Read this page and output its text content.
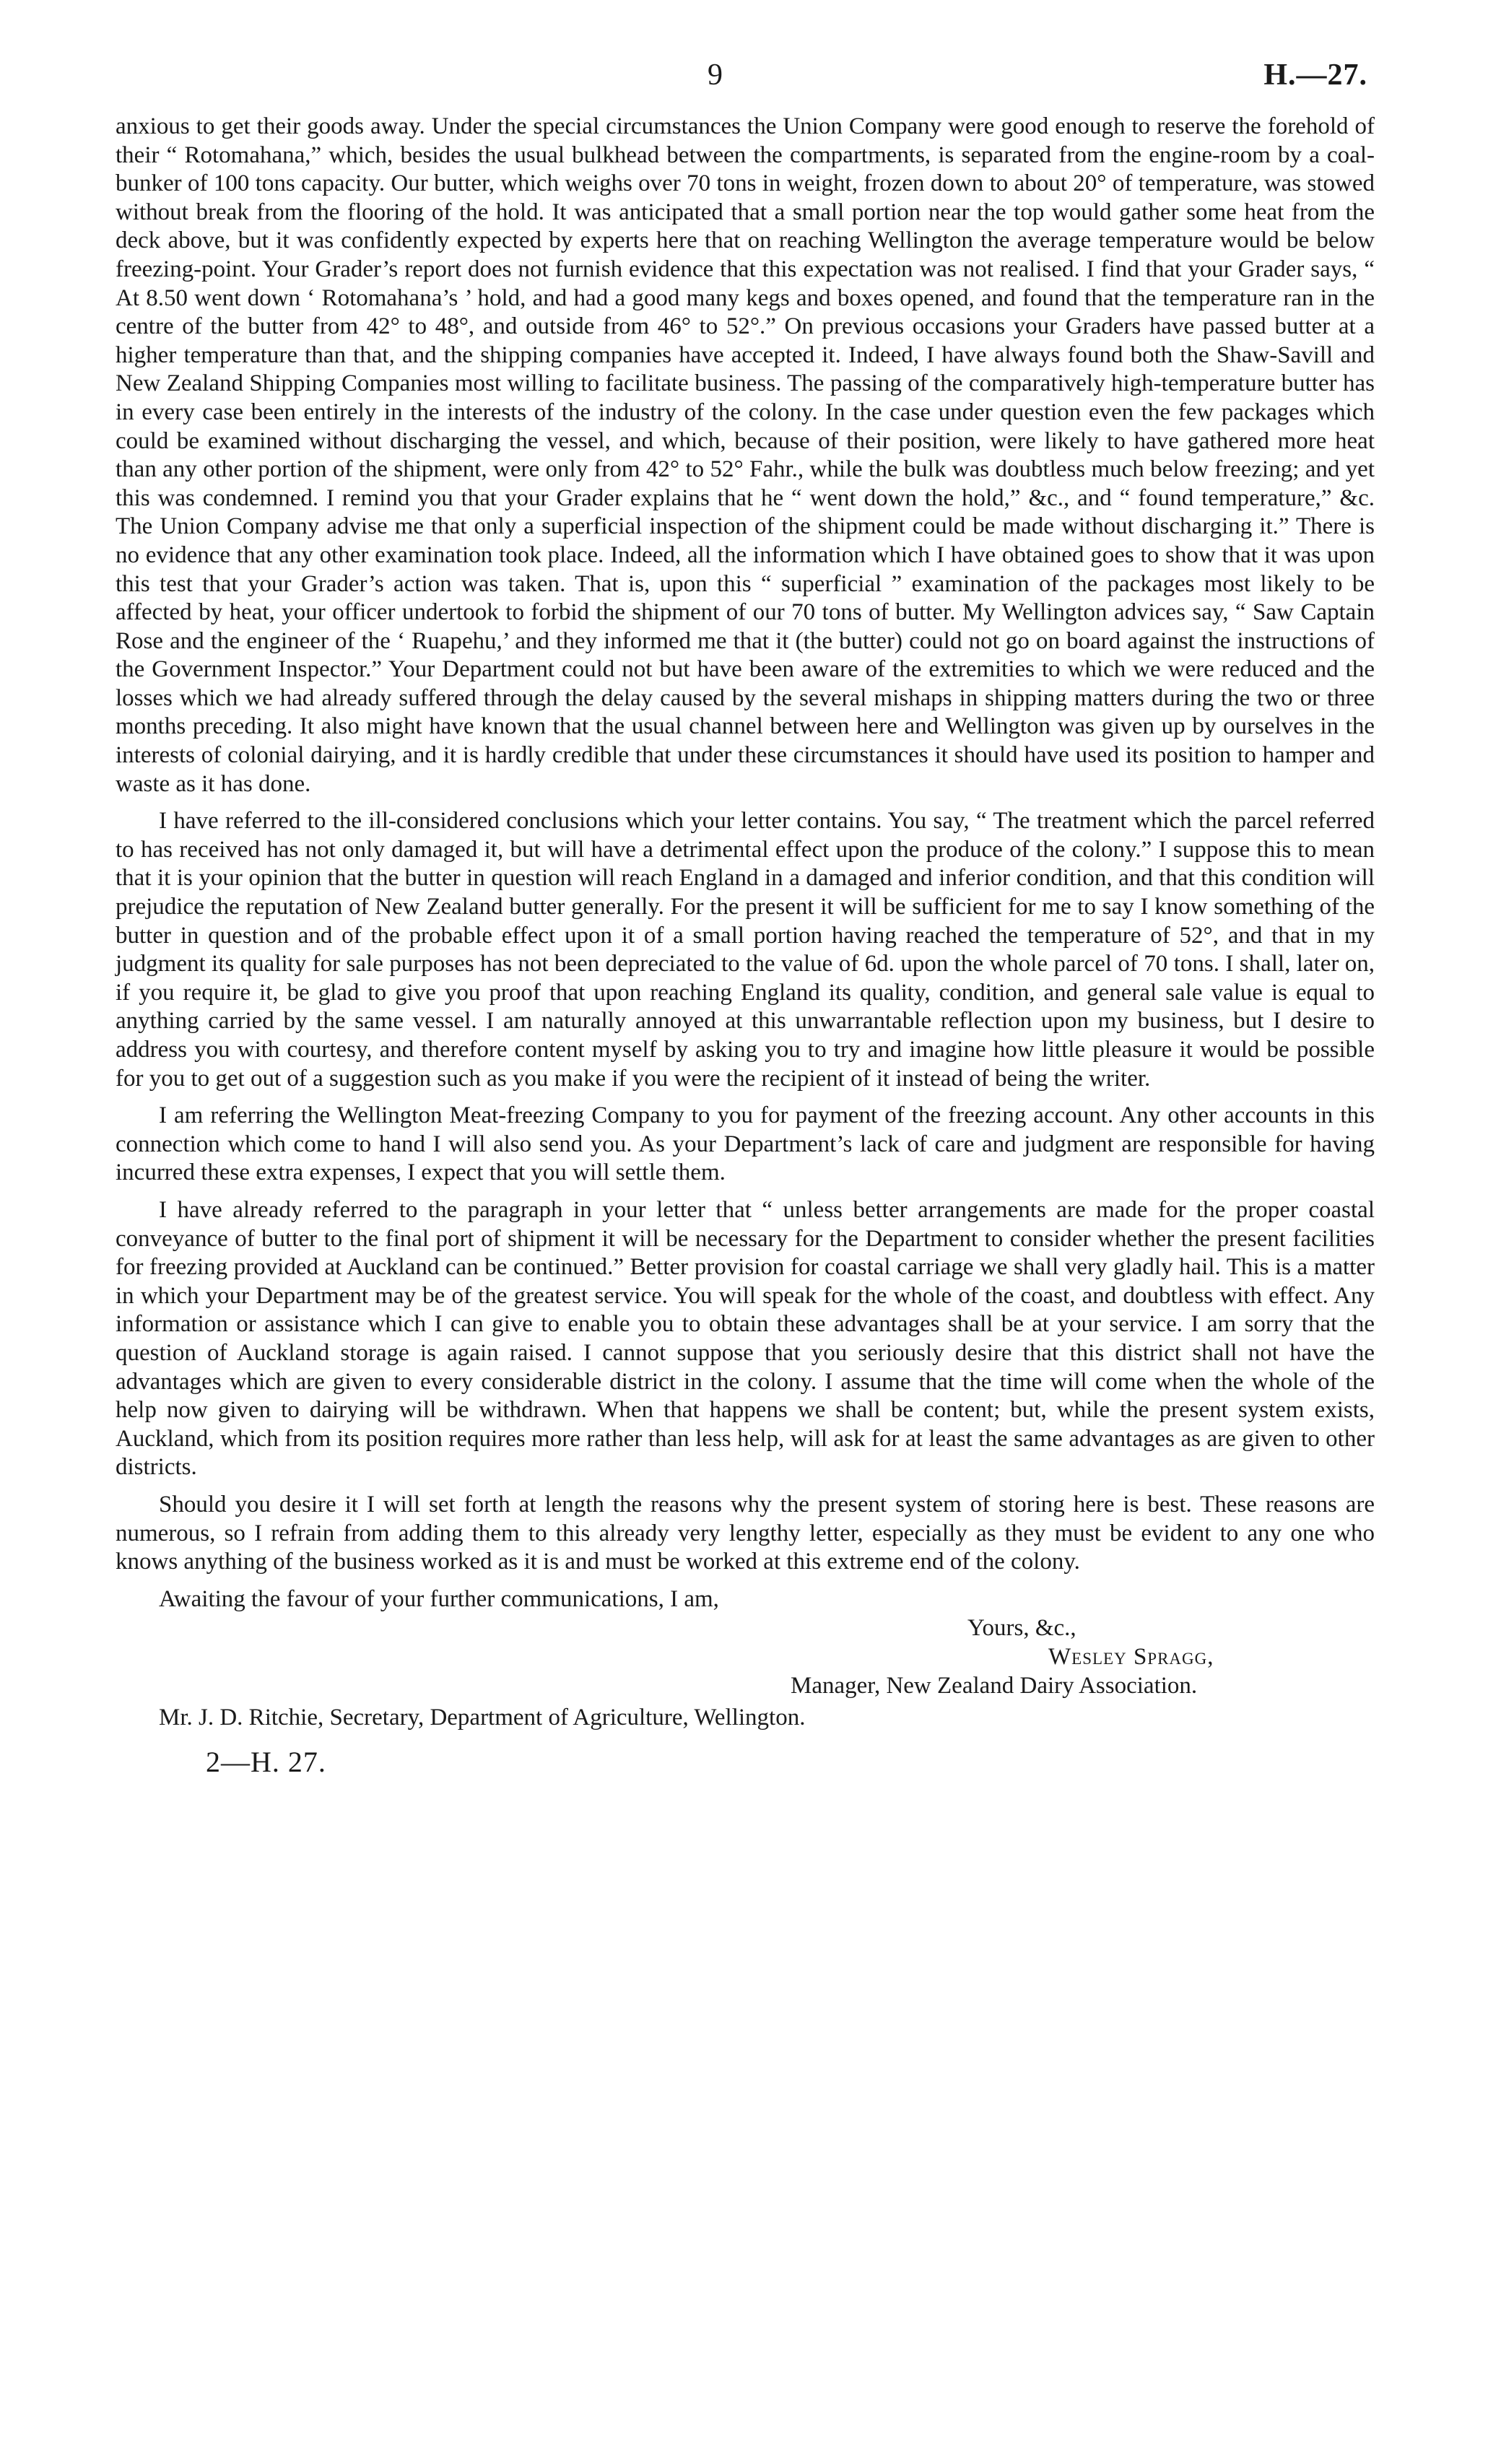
9	H.—27.

anxious to get their goods away. Under the special circumstances the Union Company were good enough to reserve the forehold of their “ Rotomahana,” which, besides the usual bulkhead between the compartments, is separated from the engine-room by a coal-bunker of 100 tons capacity. Our butter, which weighs over 70 tons in weight, frozen down to about 20° of temperature, was stowed without break from the flooring of the hold. It was anticipated that a small portion near the top would gather some heat from the deck above, but it was confidently expected by experts here that on reaching Wellington the average temperature would be below freezing-point. Your Grader’s report does not furnish evidence that this expectation was not realised. I find that your Grader says, “ At 8.50 went down ‘ Rotomahana’s ’ hold, and had a good many kegs and boxes opened, and found that the temperature ran in the centre of the butter from 42° to 48°, and outside from 46° to 52°.” On previous occasions your Graders have passed butter at a higher temperature than that, and the shipping companies have accepted it. Indeed, I have always found both the Shaw-Savill and New Zealand Shipping Companies most willing to facilitate business. The passing of the comparatively high-temperature butter has in every case been entirely in the interests of the industry of the colony. In the case under question even the few packages which could be examined without discharging the vessel, and which, because of their position, were likely to have gathered more heat than any other portion of the shipment, were only from 42° to 52° Fahr., while the bulk was doubtless much below freezing; and yet this was condemned. I remind you that your Grader explains that he “ went down the hold,” &c., and “ found temperature,” &c. The Union Company advise me that only a superficial inspection of the shipment could be made without discharging it.” There is no evidence that any other examination took place. Indeed, all the information which I have obtained goes to show that it was upon this test that your Grader’s action was taken. That is, upon this “ superficial ” examination of the packages most likely to be affected by heat, your officer undertook to forbid the shipment of our 70 tons of butter. My Wellington advices say, “ Saw Captain Rose and the engineer of the ‘ Ruapehu,’ and they informed me that it (the butter) could not go on board against the instructions of the Government Inspector.” Your Department could not but have been aware of the extremities to which we were reduced and the losses which we had already suffered through the delay caused by the several mishaps in shipping matters during the two or three months preceding. It also might have known that the usual channel between here and Wellington was given up by ourselves in the interests of colonial dairying, and it is hardly credible that under these circumstances it should have used its position to hamper and waste as it has done.

I have referred to the ill-considered conclusions which your letter contains. You say, “ The treatment which the parcel referred to has received has not only damaged it, but will have a detrimental effect upon the produce of the colony.” I suppose this to mean that it is your opinion that the butter in question will reach England in a damaged and inferior condition, and that this condition will prejudice the reputation of New Zealand butter generally. For the present it will be sufficient for me to say I know something of the butter in question and of the probable effect upon it of a small portion having reached the temperature of 52°, and that in my judgment its quality for sale purposes has not been depreciated to the value of 6d. upon the whole parcel of 70 tons. I shall, later on, if you require it, be glad to give you proof that upon reaching England its quality, condition, and general sale value is equal to anything carried by the same vessel. I am naturally annoyed at this unwarrantable reflection upon my business, but I desire to address you with courtesy, and therefore content myself by asking you to try and imagine how little pleasure it would be possible for you to get out of a suggestion such as you make if you were the recipient of it instead of being the writer.

I am referring the Wellington Meat-freezing Company to you for payment of the freezing account. Any other accounts in this connection which come to hand I will also send you. As your Department’s lack of care and judgment are responsible for having incurred these extra expenses, I expect that you will settle them.

I have already referred to the paragraph in your letter that “ unless better arrangements are made for the proper coastal conveyance of butter to the final port of shipment it will be necessary for the Department to consider whether the present facilities for freezing provided at Auckland can be continued.” Better provision for coastal carriage we shall very gladly hail. This is a matter in which your Department may be of the greatest service. You will speak for the whole of the coast, and doubtless with effect. Any information or assistance which I can give to enable you to obtain these advantages shall be at your service. I am sorry that the question of Auckland storage is again raised. I cannot suppose that you seriously desire that this district shall not have the advantages which are given to every considerable district in the colony. I assume that the time will come when the whole of the help now given to dairying will be withdrawn. When that happens we shall be content; but, while the present system exists, Auckland, which from its position requires more rather than less help, will ask for at least the same advantages as are given to other districts.

Should you desire it I will set forth at length the reasons why the present system of storing here is best. These reasons are numerous, so I refrain from adding them to this already very lengthy letter, especially as they must be evident to any one who knows anything of the business worked as it is and must be worked at this extreme end of the colony.

Awaiting the favour of your further communications, I am,
Yours, &c.,
Wesley Spragg,
Manager, New Zealand Dairy Association.
Mr. J. D. Ritchie, Secretary, Department of Agriculture, Wellington.
2—H. 27.
